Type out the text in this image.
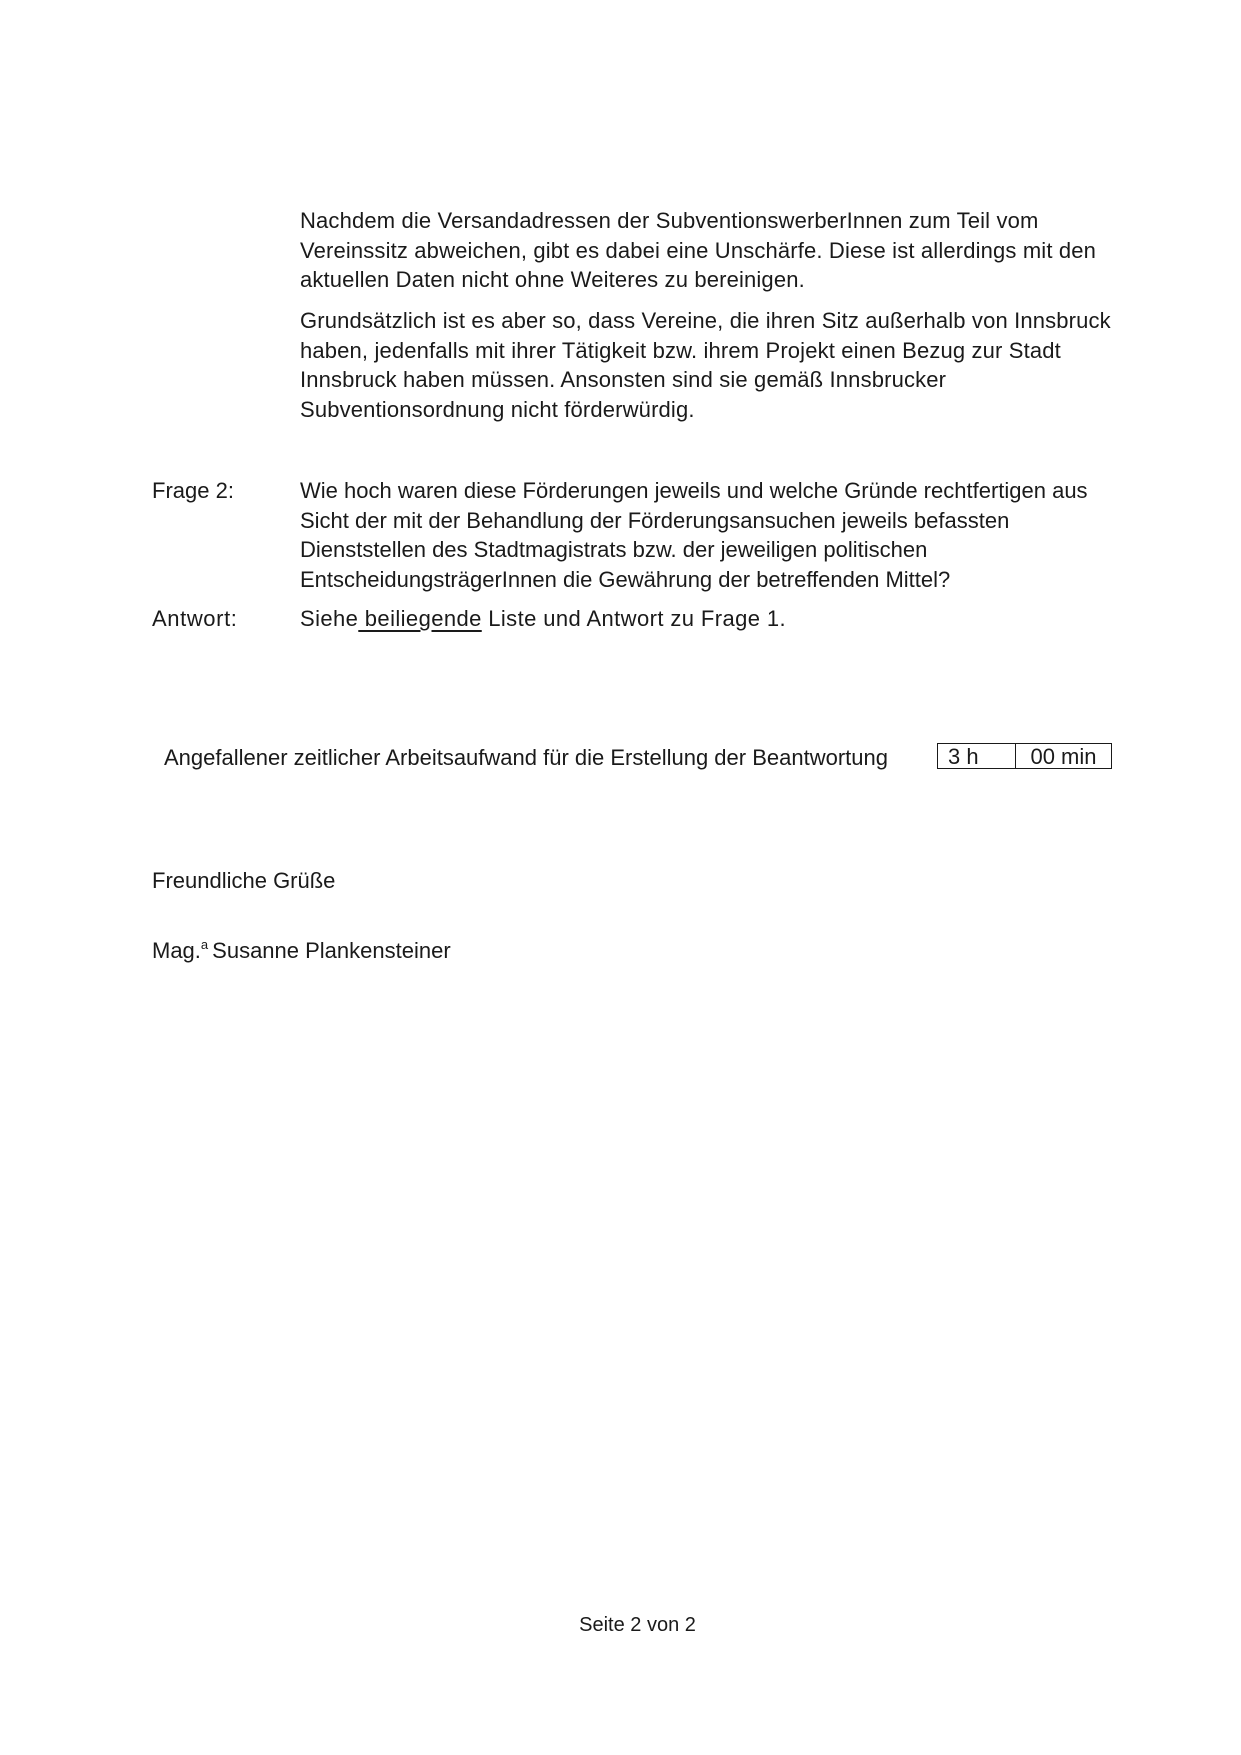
Nachdem die Versandadressen der SubventionswerberInnen zum Teil vom Vereinssitz abweichen, gibt es dabei eine Unschärfe. Diese ist allerdings mit den aktuellen Daten nicht ohne Weiteres zu bereinigen.

Grundsätzlich ist es aber so, dass Vereine, die ihren Sitz außerhalb von Innsbruck haben, jedenfalls mit ihrer Tätigkeit bzw. ihrem Projekt einen Bezug zur Stadt Innsbruck haben müssen. Ansonsten sind sie gemäß Innsbrucker Subventionsordnung nicht förderwürdig.

Frage 2:	Wie hoch waren diese Förderungen jeweils und welche Gründe rechtfertigen aus Sicht der mit der Behandlung der Förderungsansuchen jeweils befassten Dienststellen des Stadtmagistrats bzw. der jeweiligen politischen EntscheidungsträgerInnen die Gewährung der betreffenden Mittel?

Antwort:	Siehe beiliegende Liste und Antwort zu Frage 1.

Angefallener zeitlicher Arbeitsaufwand für die Erstellung der Beantwortung	3 h	00 min

Freundliche Grüße

Mag.$^a$ Susanne Plankensteiner

Seite 2 von 2
